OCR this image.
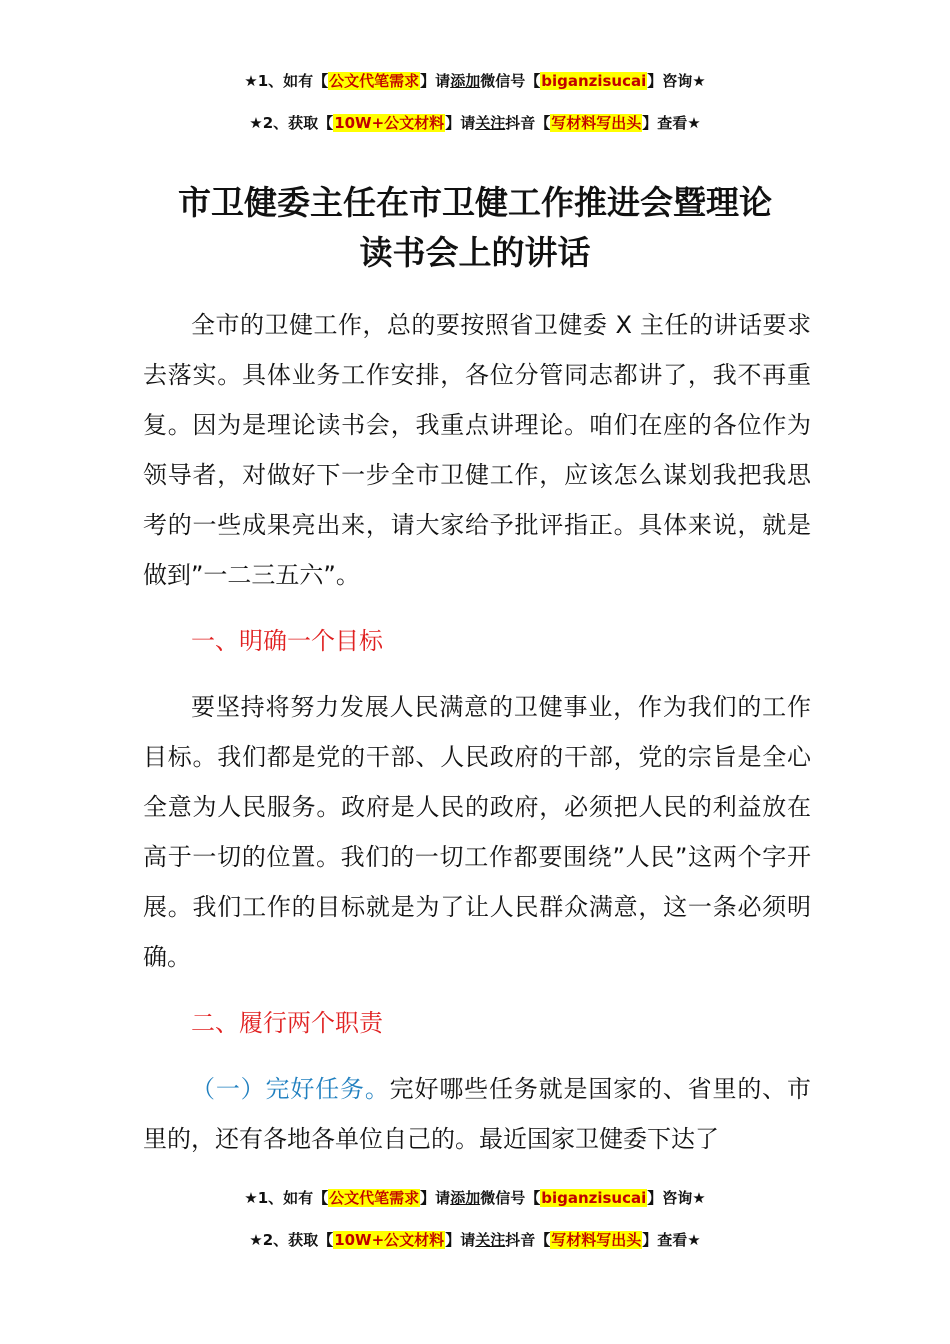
★1、如有【公文代笔需求】请添加微信号【biganzisucai】咨询★
★2、获取【10W+公文材料】请关注抖音【写材料写出头】查看★
市卫健委主任在市卫健工作推进会暨理论
读书会上的讲话

全市的卫健工作，总的要按照省卫健委 X 主任的讲话要求去落实。具体业务工作安排，各位分管同志都讲了，我不再重复。因为是理论读书会，我重点讲理论。咱们在座的各位作为领导者，对做好下一步全市卫健工作，应该怎么谋划我把我思考的一些成果亮出来，请大家给予批评指正。具体来说，就是做到”一二三五六”。

一、明确一个目标

要坚持将努力发展人民满意的卫健事业，作为我们的工作目标。我们都是党的干部、人民政府的干部，党的宗旨是全心全意为人民服务。政府是人民的政府，必须把人民的利益放在高于一切的位置。我们的一切工作都要围绕”人民”这两个字开展。我们工作的目标就是为了让人民群众满意，这一条必须明确。

二、履行两个职责

（一）完好任务。完好哪些任务就是国家的、省里的、市里的，还有各地各单位自己的。最近国家卫健委下达了

★1、如有【公文代笔需求】请添加微信号【biganzisucai】咨询★
★2、获取【10W+公文材料】请关注抖音【写材料写出头】查看★
